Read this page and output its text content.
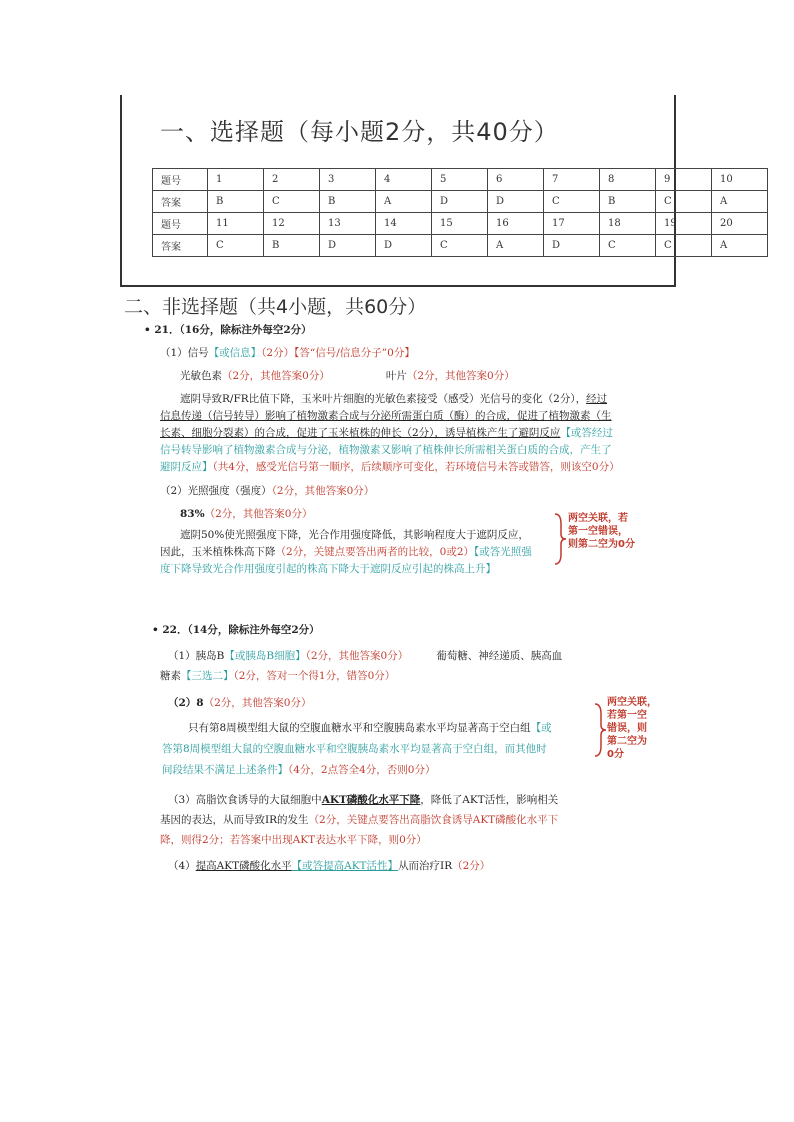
一、选择题（每小题2分，共40分）
题号	1	2	3	4	5	6	7	8	9	10
答案	B	C	B	A	D	D	C	B	C	A
题号	11	12	13	14	15	16	17	18	19	20
答案	C	B	D	D	C	A	D	C	C	A
二、非选择题（共4小题，共60分）
• 21．（16分，除标注外每空2分）
（1）信号【或信息】（2分）【答“信号/信息分子”0分】
光敏色素（2分，其他答案0分）	叶片（2分，其他答案0分）
遮阴导致R/FR比值下降，玉米叶片细胞的光敏色素接受（感受）光信号的变化（2分），经过
信息传递（信号转导）影响了植物激素合成与分泌所需蛋白质（酶）的合成，促进了植物激素（生
长素、细胞分裂素）的合成，促进了玉米植株的伸长（2分），诱导植株产生了避阴反应【或答经过
信号转导影响了植物激素合成与分泌，植物激素又影响了植株伸长所需相关蛋白质的合成，产生了
避阴反应】（共4分，感受光信号第一顺序，后续顺序可变化，若环境信号未答或错答，则该空0分）
（2）光照强度（强度）（2分，其他答案0分）
83%（2分，其他答案0分）
遮阴50%使光照强度下降，光合作用强度降低，其影响程度大于遮阴反应，
因此，玉米植株株高下降（2分，关键点要答出两者的比较，0或2）【或答光照强
度下降导致光合作用强度引起的株高下降大于遮阴反应引起的株高上升】
两空关联，若
第一空错误，
则第二空为0分
• 22．（14分，除标注外每空2分）
（1）胰岛B【或胰岛B细胞】（2分，其他答案0分）	葡萄糖、神经递质、胰高血
糖素【三选二】（2分，答对一个得1分，错答0分）
（2）8（2分，其他答案0分）
只有第8周模型组大鼠的空腹血糖水平和空腹胰岛素水平均显著高于空白组【或
答第8周模型组大鼠的空腹血糖水平和空腹胰岛素水平均显著高于空白组，而其他时
间段结果不满足上述条件】（4分，2点答全4分，否则0分）
两空关联，
若第一空
错误，则
第二空为
0分
（3）高脂饮食诱导的大鼠细胞中AKT磷酸化水平下降，降低了AKT活性，影响相关
基因的表达，从而导致IR的发生（2分，关键点要答出高脂饮食诱导AKT磷酸化水平下
降，则得2分；若答案中出现AKT表达水平下降，则0分）
（4）提高AKT磷酸化水平【或答提高AKT活性】从而治疗IR（2分）
